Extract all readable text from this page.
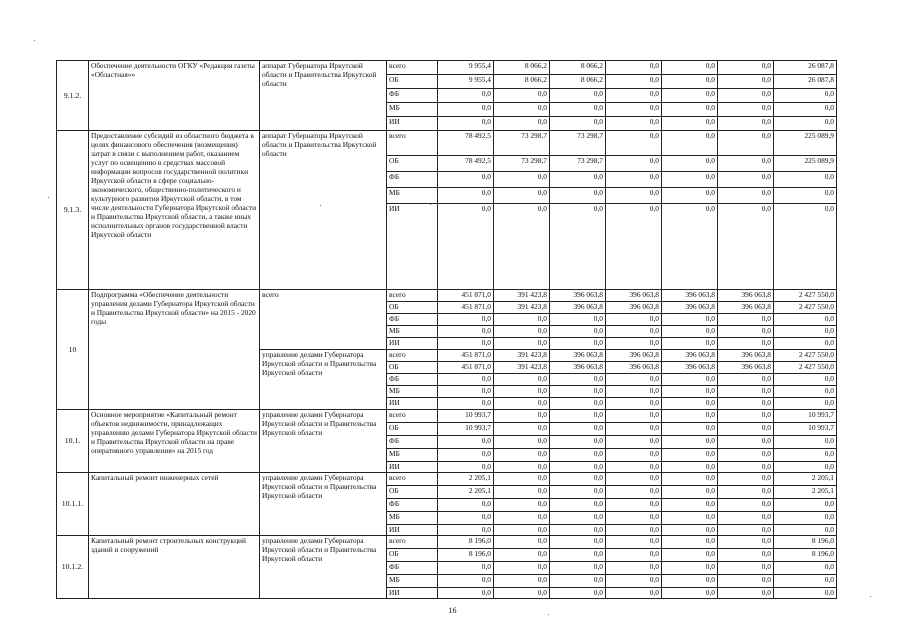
9.1.2.	Обеспечение деятельности ОГКУ «Редакция газеты «Областная»»	аппарат Губернатора Иркутской области и Правительства Иркутской области	всего	9 955,4	8 066,2	8 066,2	0,0	0,0	0,0	26 087,8
			ОБ	9 955,4	8 066,2	8 066,2	0,0	0,0	0,0	26 087,8
			ФБ	0,0	0,0	0,0	0,0	0,0	0,0	0,0
			МБ	0,0	0,0	0,0	0,0	0,0	0,0	0,0
			ИИ	0,0	0,0	0,0	0,0	0,0	0,0	0,0
9.1.3.	Предоставление субсидий из областного бюджета в целях финансового обеспечения (возмещения) затрат в связи с выполнением работ, оказанием услуг по освещению в средствах массовой информации вопросов государственной политики Иркутской области в сфере социально-экономического, общественно-политического и культурного развития Иркутской области, в том числе деятельности Губернатора Иркутской области и Правительства Иркутской области, а также иных исполнительных органов государственной власти Иркутской области	аппарат Губернатора Иркутской области и Правительства Иркутской области	всего	78 492,5	73 298,7	73 298,7	0,0	0,0	0,0	225 089,9
			ОБ	78 492,5	73 298,7	73 298,7	0,0	0,0	0,0	225 089,9
			ФБ	0,0	0,0	0,0	0,0	0,0	0,0	0,0
			МБ	0,0	0,0	0,0	0,0	0,0	0,0	0,0
			ИИ	0,0	0,0	0,0	0,0	0,0	0,0	0,0
10	Подпрограмма «Обеспечение деятельности управления делами Губернатора Иркутской области и Правительства Иркутской области» на 2015 - 2020 годы	всего	всего	451 871,0	391 423,8	396 063,8	396 063,8	396 063,8	396 063,8	2 427 550,0
			ОБ	451 871,0	391 423,8	396 063,8	396 063,8	396 063,8	396 063,8	2 427 550,0
			ФБ	0,0	0,0	0,0	0,0	0,0	0,0	0,0
			МБ	0,0	0,0	0,0	0,0	0,0	0,0	0,0
			ИИ	0,0	0,0	0,0	0,0	0,0	0,0	0,0
		управление делами Губернатора Иркутской области и Правительства Иркутской области	всего	451 871,0	391 423,8	396 063,8	396 063,8	396 063,8	396 063,8	2 427 550,0
			ОБ	451 871,0	391 423,8	396 063,8	396 063,8	396 063,8	396 063,8	2 427 550,0
			ФБ	0,0	0,0	0,0	0,0	0,0	0,0	0,0
			МБ	0,0	0,0	0,0	0,0	0,0	0,0	0,0
			ИИ	0,0	0,0	0,0	0,0	0,0	0,0	0,0
10.1.	Основное мероприятие «Капитальный ремонт объектов недвижимости, принадлежащих управлению делами Губернатора Иркутской области и Правительства Иркутской области на праве оперативного управления» на 2015 год	управление делами Губернатора Иркутской области и Правительства Иркутской области	всего	10 993,7	0,0	0,0	0,0	0,0	0,0	10 993,7
			ОБ	10 993,7	0,0	0,0	0,0	0,0	0,0	10 993,7
			ФБ	0,0	0,0	0,0	0,0	0,0	0,0	0,0
			МБ	0,0	0,0	0,0	0,0	0,0	0,0	0,0
			ИИ	0,0	0,0	0,0	0,0	0,0	0,0	0,0
10.1.1.	Капитальный ремонт инженерных сетей	управление делами Губернатора Иркутской области и Правительства Иркутской области	всего	2 205,1	0,0	0,0	0,0	0,0	0,0	2 205,1
			ОБ	2 205,1	0,0	0,0	0,0	0,0	0,0	2 205,1
			ФБ	0,0	0,0	0,0	0,0	0,0	0,0	0,0
			МБ	0,0	0,0	0,0	0,0	0,0	0,0	0,0
			ИИ	0,0	0,0	0,0	0,0	0,0	0,0	0,0
10.1.2.	Капитальный ремонт строительных конструкций зданий и сооружений	управление делами Губернатора Иркутской области и Правительства Иркутской области	всего	8 196,0	0,0	0,0	0,0	0,0	0,0	8 196,0
			ОБ	8 196,0	0,0	0,0	0,0	0,0	0,0	8 196,0
			ФБ	0,0	0,0	0,0	0,0	0,0	0,0	0,0
			МБ	0,0	0,0	0,0	0,0	0,0	0,0	0,0
			ИИ	0,0	0,0	0,0	0,0	0,0	0,0	0,0
16
